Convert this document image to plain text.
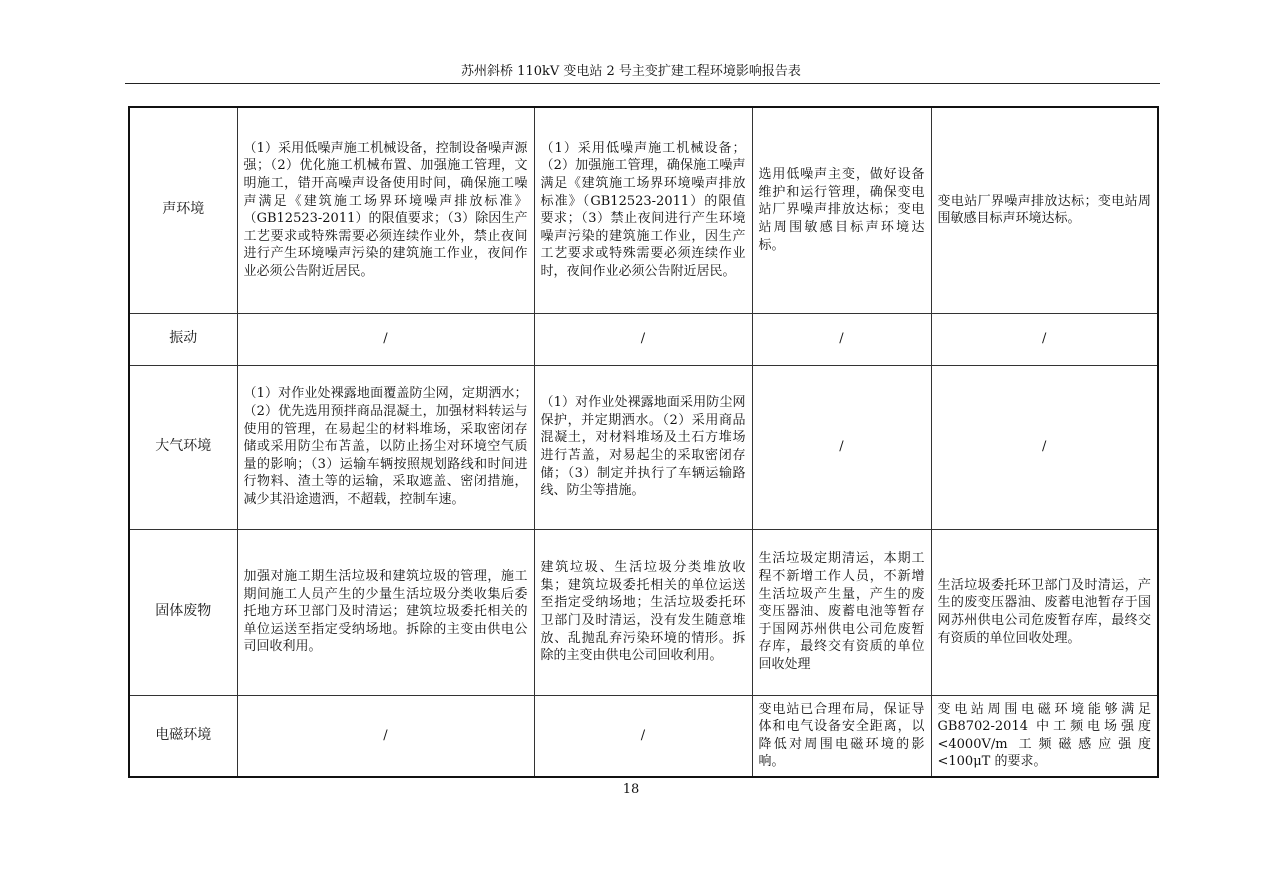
苏州斜桥 110kV 变电站 2 号主变扩建工程环境影响报告表
声环境	（1）采用低噪声施工机械设备，控制设备噪声源强；（2）优化施工机械布置、加强施工管理，文明施工，错开高噪声设备使用时间，确保施工噪声满足《建筑施工场界环境噪声排放标准》（GB12523-2011）的限值要求；（3）除因生产工艺要求或特殊需要必须连续作业外，禁止夜间进行产生环境噪声污染的建筑施工作业，夜间作业必须公告附近居民。	（1）采用低噪声施工机械设备；（2）加强施工管理，确保施工噪声满足《建筑施工场界环境噪声排放标准》（GB12523-2011）的限值要求；（3）禁止夜间进行产生环境噪声污染的建筑施工作业，因生产工艺要求或特殊需要必须连续作业时，夜间作业必须公告附近居民。	选用低噪声主变，做好设备维护和运行管理，确保变电站厂界噪声排放达标；变电站周围敏感目标声环境达标。	变电站厂界噪声排放达标；变电站周围敏感目标声环境达标。
振动	/	/	/	/
大气环境	（1）对作业处裸露地面覆盖防尘网，定期洒水；（2）优先选用预拌商品混凝土，加强材料转运与使用的管理，在易起尘的材料堆场，采取密闭存储或采用防尘布苫盖，以防止扬尘对环境空气质量的影响；（3）运输车辆按照规划路线和时间进行物料、渣土等的运输，采取遮盖、密闭措施，减少其沿途遗洒，不超载，控制车速。	（1）对作业处裸露地面采用防尘网保护，并定期洒水。（2）采用商品混凝土，对材料堆场及土石方堆场进行苫盖，对易起尘的采取密闭存储；（3）制定并执行了车辆运输路线、防尘等措施。	/	/
固体废物	加强对施工期生活垃圾和建筑垃圾的管理，施工期间施工人员产生的少量生活垃圾分类收集后委托地方环卫部门及时清运；建筑垃圾委托相关的单位运送至指定受纳场地。拆除的主变由供电公司回收利用。	建筑垃圾、生活垃圾分类堆放收集；建筑垃圾委托相关的单位运送至指定受纳场地；生活垃圾委托环卫部门及时清运，没有发生随意堆放、乱抛乱弃污染环境的情形。拆除的主变由供电公司回收利用。	生活垃圾定期清运，本期工程不新增工作人员，不新增生活垃圾产生量，产生的废变压器油、废蓄电池等暂存于国网苏州供电公司危废暂存库，最终交有资质的单位回收处理	生活垃圾委托环卫部门及时清运，产生的废变压器油、废蓄电池暂存于国网苏州供电公司危废暂存库，最终交有资质的单位回收处理。
电磁环境	/	/	变电站已合理布局，保证导体和电气设备安全距离，以降低对周围电磁环境的影响。	变电站周围电磁环境能够满足GB8702-2014 中工频电场强度<4000V/m 工频磁感应强度<100μT 的要求。
18
